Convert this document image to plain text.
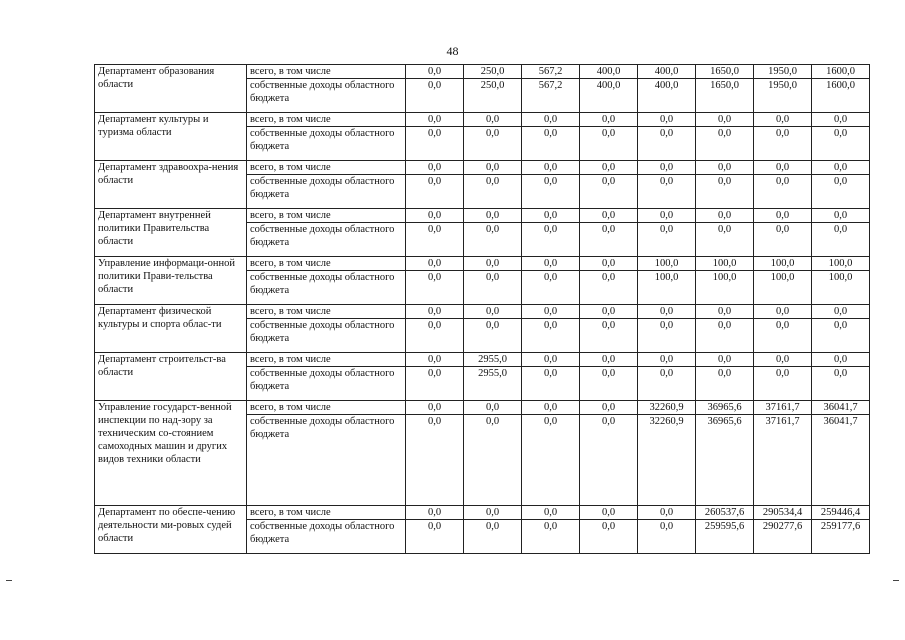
48
Департамент образования области	всего, в том числе	0,0	250,0	567,2	400,0	400,0	1650,0	1950,0	1600,0
	собственные доходы областного бюджета	0,0	250,0	567,2	400,0	400,0	1650,0	1950,0	1600,0
Департамент культуры и туризма области	всего, в том числе	0,0	0,0	0,0	0,0	0,0	0,0	0,0	0,0
	собственные доходы областного бюджета	0,0	0,0	0,0	0,0	0,0	0,0	0,0	0,0
Департамент здравоохра-нения области	всего, в том числе	0,0	0,0	0,0	0,0	0,0	0,0	0,0	0,0
	собственные доходы областного бюджета	0,0	0,0	0,0	0,0	0,0	0,0	0,0	0,0
Департамент внутренней политики Правительства области	всего, в том числе	0,0	0,0	0,0	0,0	0,0	0,0	0,0	0,0
	собственные доходы областного бюджета	0,0	0,0	0,0	0,0	0,0	0,0	0,0	0,0
Управление информаци-онной политики Прави-тельства области	всего, в том числе	0,0	0,0	0,0	0,0	100,0	100,0	100,0	100,0
	собственные доходы областного бюджета	0,0	0,0	0,0	0,0	100,0	100,0	100,0	100,0
Департамент физической культуры и спорта облас-ти	всего, в том числе	0,0	0,0	0,0	0,0	0,0	0,0	0,0	0,0
	собственные доходы областного бюджета	0,0	0,0	0,0	0,0	0,0	0,0	0,0	0,0
Департамент строительст-ва области	всего, в том числе	0,0	2955,0	0,0	0,0	0,0	0,0	0,0	0,0
	собственные доходы областного бюджета	0,0	2955,0	0,0	0,0	0,0	0,0	0,0	0,0
Управление государст-венной инспекции по над-зору за техническим со-стоянием самоходных машин и других видов техники области	всего, в том числе	0,0	0,0	0,0	0,0	32260,9	36965,6	37161,7	36041,7
	собственные доходы областного бюджета	0,0	0,0	0,0	0,0	32260,9	36965,6	37161,7	36041,7
Департамент по обеспе-чению деятельности ми-ровых судей области	всего, в том числе	0,0	0,0	0,0	0,0	0,0	260537,6	290534,4	259446,4
	собственные доходы областного бюджета	0,0	0,0	0,0	0,0	0,0	259595,6	290277,6	259177,6
